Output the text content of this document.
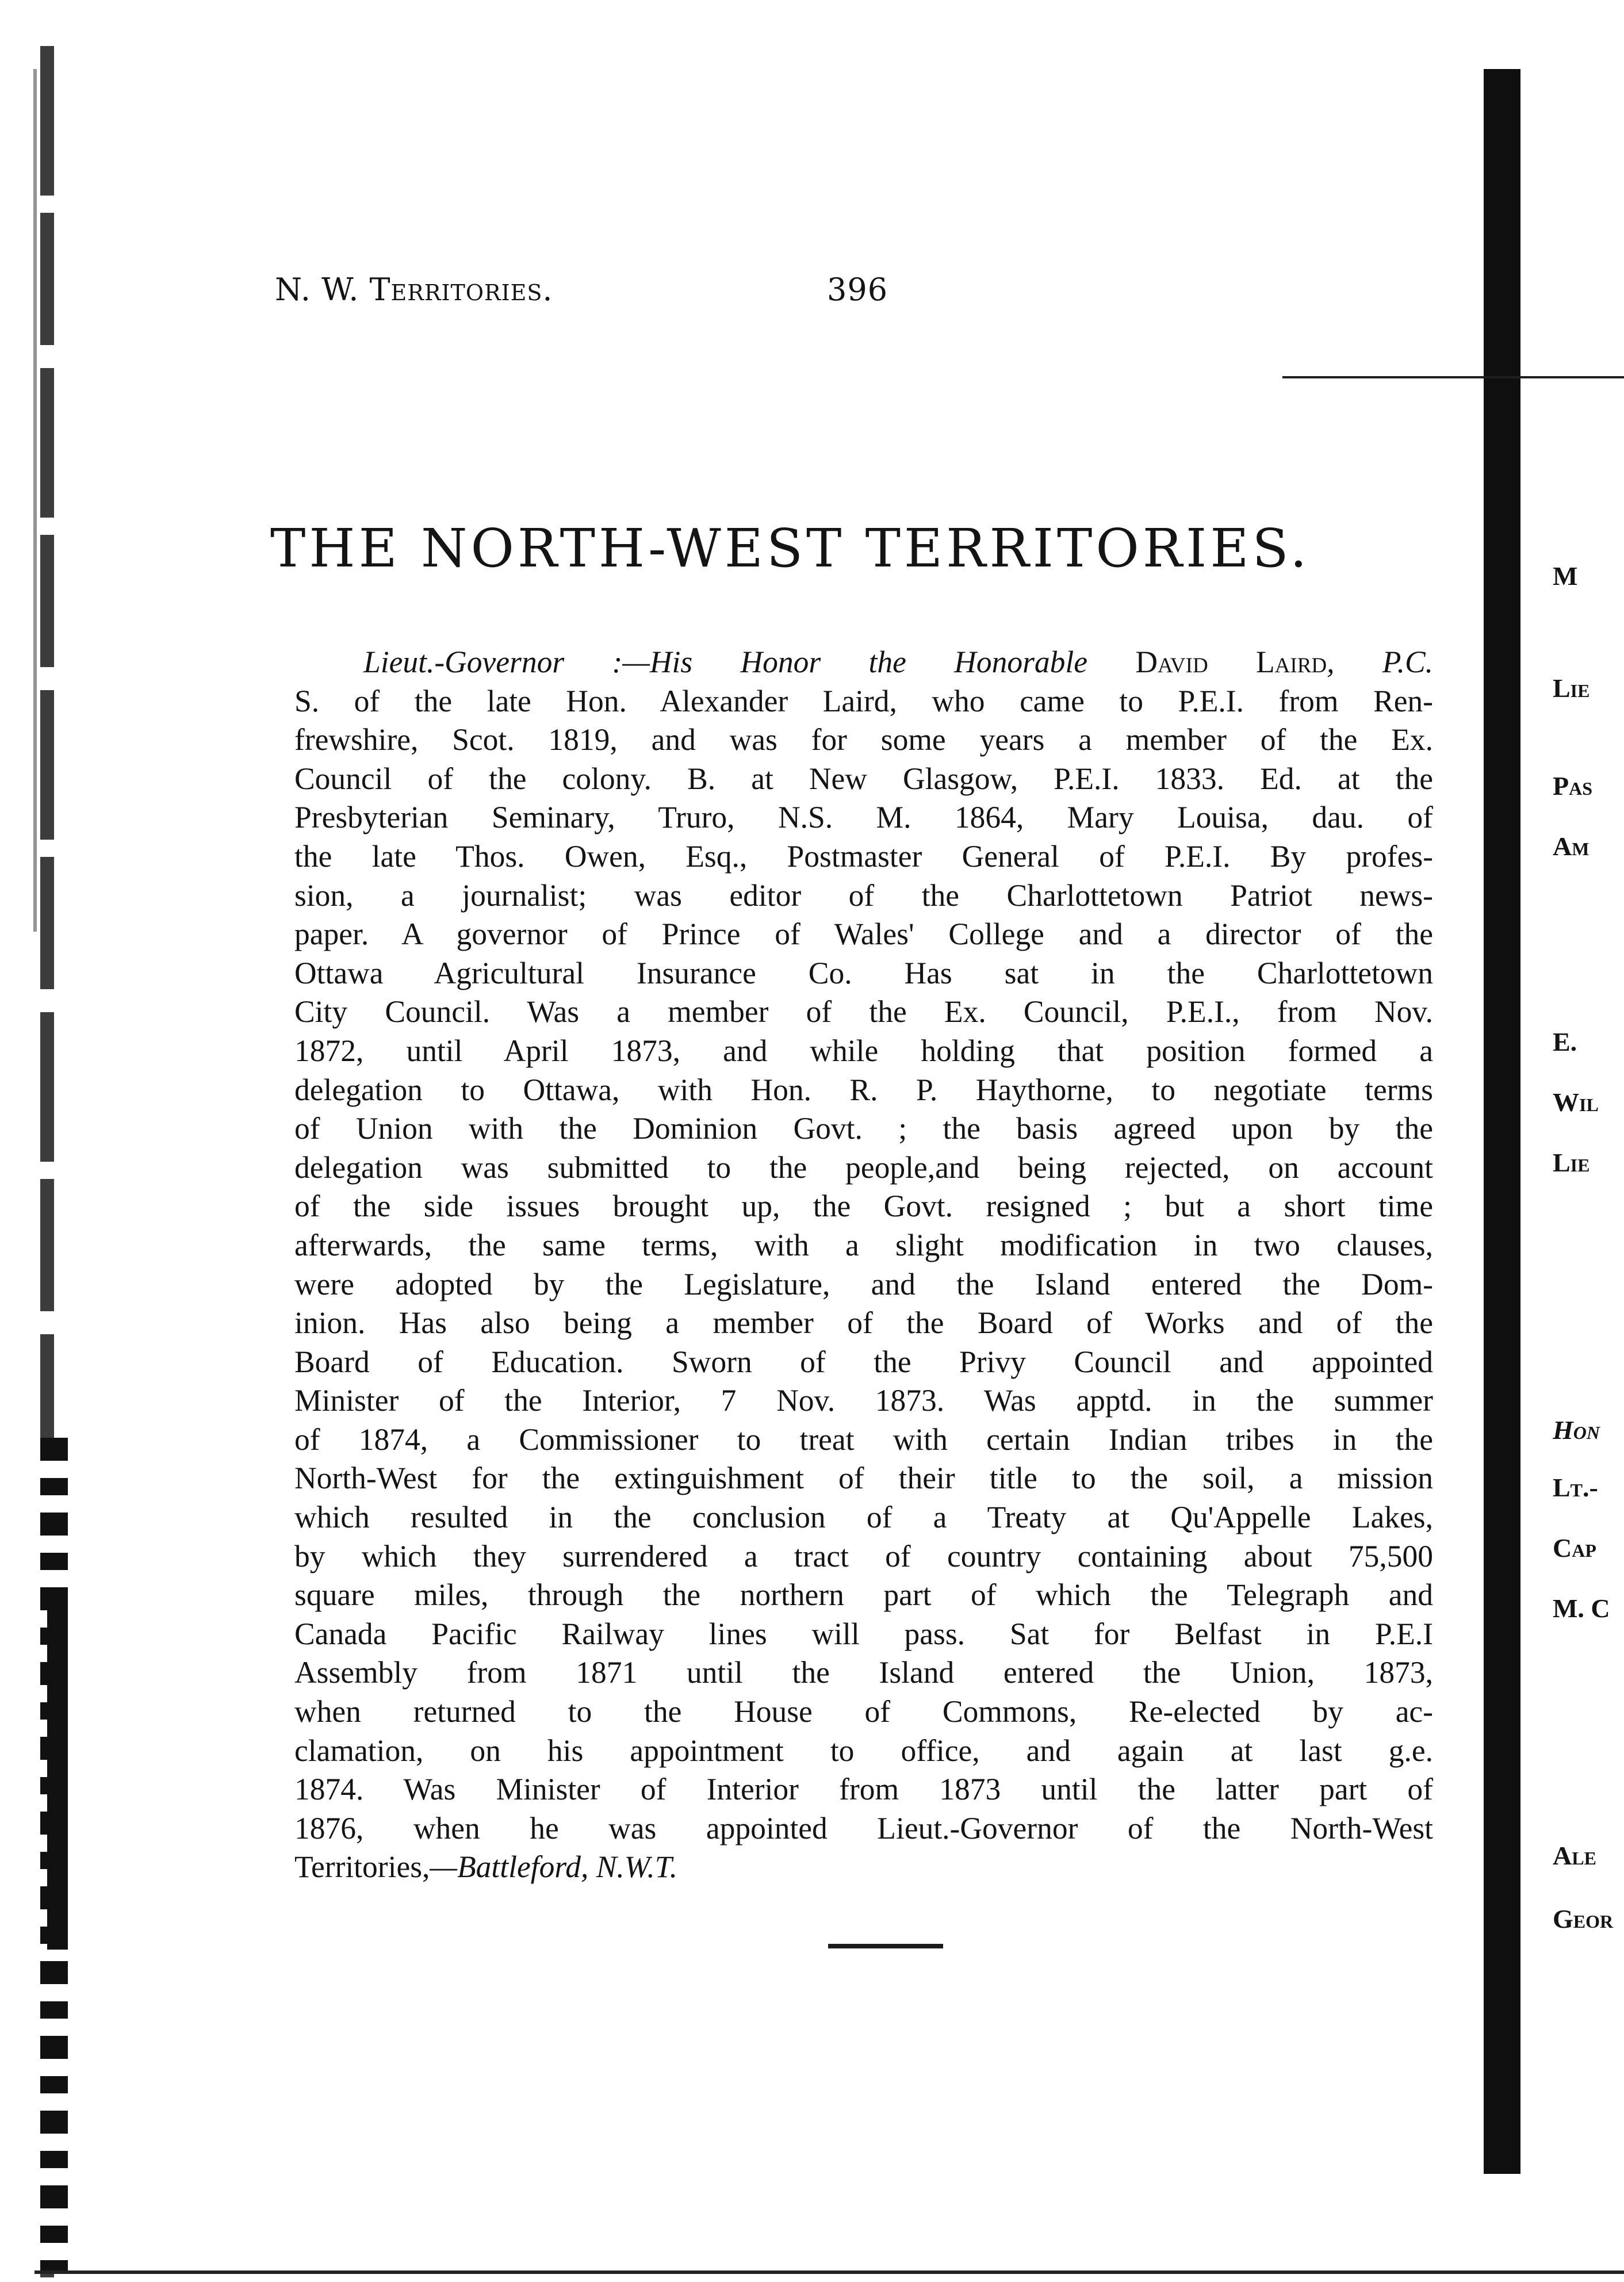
N. W. Territories.	396
THE NORTH-WEST TERRITORIES.
Lieut.-Governor :—His Honor the Honorable David Laird, P.C.
S. of the late Hon. Alexander Laird, who came to P.E.I. from Ren-
frewshire, Scot. 1819, and was for some years a member of the Ex.
Council of the colony. B. at New Glasgow, P.E.I. 1833. Ed. at the
Presbyterian Seminary, Truro, N.S. M. 1864, Mary Louisa, dau. of
the late Thos. Owen, Esq., Postmaster General of P.E.I. By profes-
sion, a journalist; was editor of the Charlottetown Patriot news-
paper. A governor of Prince of Wales' College and a director of the
Ottawa Agricultural Insurance Co. Has sat in the Charlottetown
City Council. Was a member of the Ex. Council, P.E.I., from Nov.
1872, until April 1873, and while holding that position formed a
delegation to Ottawa, with Hon. R. P. Haythorne, to negotiate terms
of Union with the Dominion Govt. ; the basis agreed upon by the
delegation was submitted to the people,and being rejected, on account
of the side issues brought up, the Govt. resigned ; but a short time
afterwards, the same terms, with a slight modification in two clauses,
were adopted by the Legislature, and the Island entered the Dom-
inion. Has also being a member of the Board of Works and of the
Board of Education. Sworn of the Privy Council and appointed
Minister of the Interior, 7 Nov. 1873. Was apptd. in the summer
of 1874, a Commissioner to treat with certain Indian tribes in the
North-West for the extinguishment of their title to the soil, a mission
which resulted in the conclusion of a Treaty at Qu'Appelle Lakes,
by which they surrendered a tract of country containing about 75,500
square miles, through the northern part of which the Telegraph and
Canada Pacific Railway lines will pass. Sat for Belfast in P.E.I
Assembly from 1871 until the Island entered the Union, 1873,
when returned to the House of Commons, Re-elected by ac-
clamation, on his appointment to office, and again at last g.e.
1874. Was Minister of Interior from 1873 until the latter part of
1876, when he was appointed Lieut.-Governor of the North-West
Territories,—Battleford, N.W.T.
M
Lie
Pas
Am
E.
Wil
Lie
Hon
Lt.-
Cap
M. C
Ale
Geor
